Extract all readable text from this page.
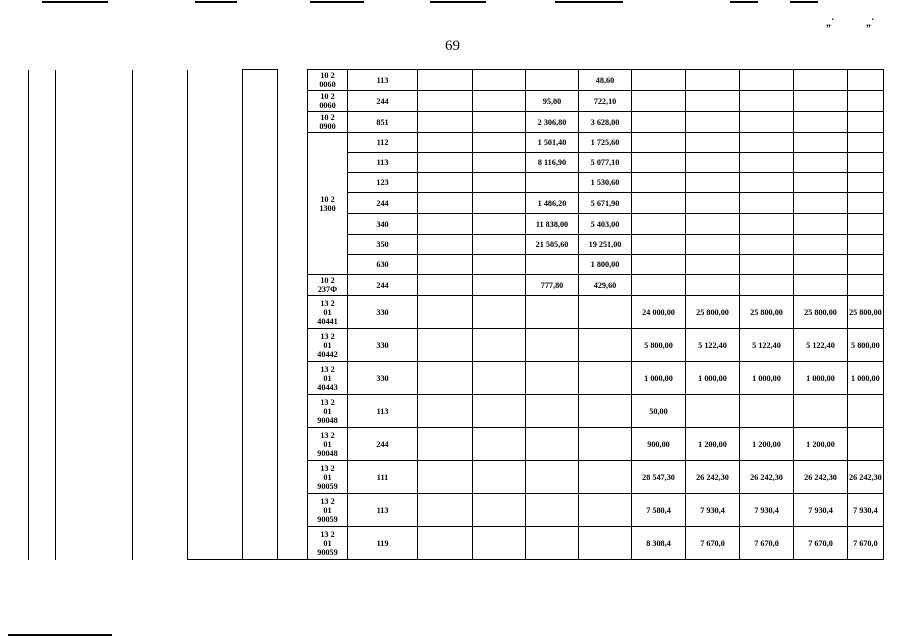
„˙	„˙
69

						10 2
0060	113				48,60					

						10 2
0060	244			95,00	722,10					

						10 2
0900	851			2 306,80	3 628,00					

						10 2
1300	112			1 501,40	1 725,60					
							113			8 116,90	5 077,10					
							123				1 530,60					
							244			1 486,20	5 671,90					
							340			11 838,00	5 403,00					
							350			21 505,60	19 251,00					
							630				1 800,00					

						10 2
237Ф	244			777,80	429,60					

						13 2
01
40441	330					24 000,00	25 800,00	25 800,00	25 800,00	25 800,00

						13 2
01
40442	330					5 800,00	5 122,40	5 122,40	5 122,40	5 800,00

						13 2
01
40443	330					1 000,00	1 000,00	1 000,00	1 000,00	1 000,00

						13 2
01
90048	113					50,00				

						13 2
01
90048	244					900,00	1 200,00	1 200,00	1 200,00	

						13 2
01
90059	111					28 547,30	26 242,30	26 242,30	26 242,30	26 242,30

						13 2
01
90059	113					7 580,4	7 930,4	7 930,4	7 930,4	7 930,4

						13 2
01
90059	119					8 308,4	7 670,0	7 670,0	7 670,0	7 670,0
